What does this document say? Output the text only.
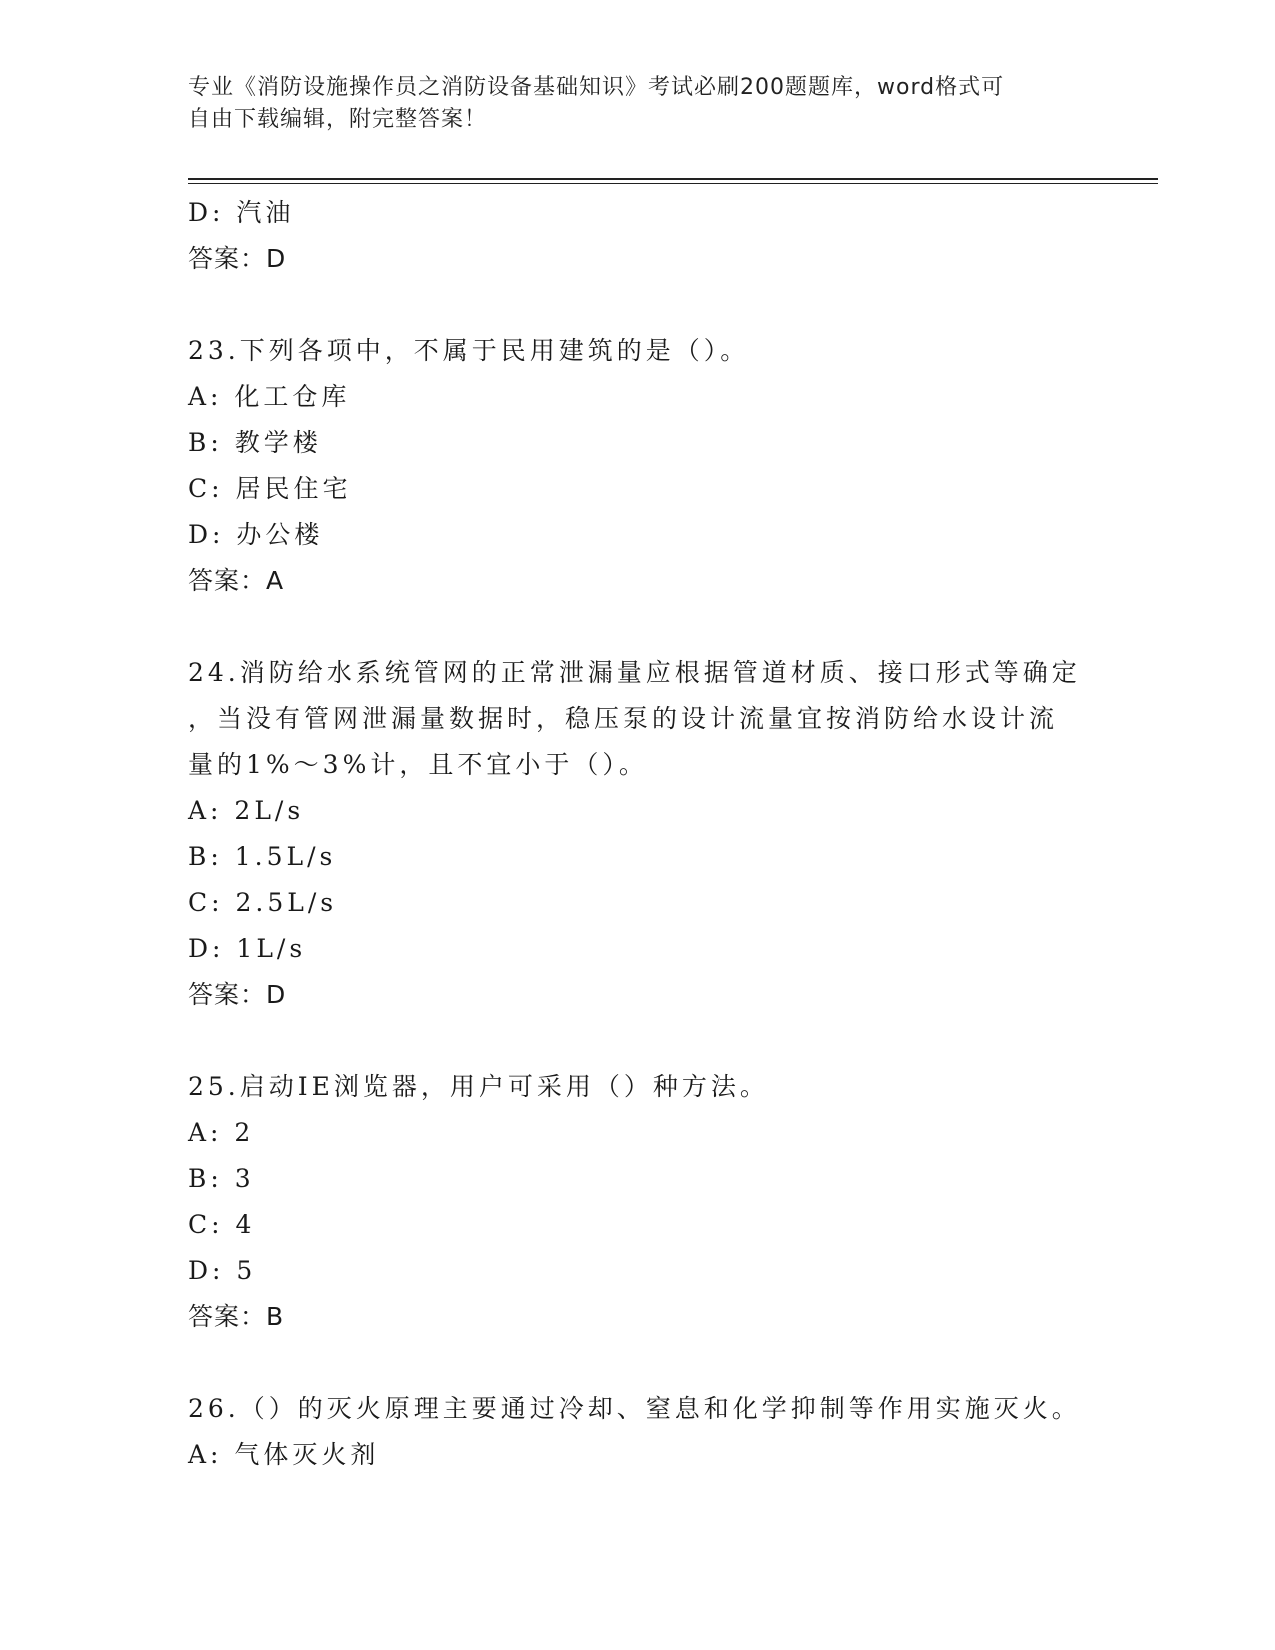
专业《消防设施操作员之消防设备基础知识》考试必刷200题题库，word格式可
自由下载编辑，附完整答案！
D: 汽油
答案：D
23.下列各项中，不属于民用建筑的是（）。
A: 化工仓库
B: 教学楼
C: 居民住宅
D: 办公楼
答案：A
24.消防给水系统管网的正常泄漏量应根据管道材质、接口形式等确定
，当没有管网泄漏量数据时，稳压泵的设计流量宜按消防给水设计流
量的1%～3%计，且不宜小于（）。
A: 2L/s
B: 1.5L/s
C: 2.5L/s
D: 1L/s
答案：D
25.启动IE浏览器，用户可采用（）种方法。
A: 2
B: 3
C: 4
D: 5
答案：B
26.（）的灭火原理主要通过冷却、窒息和化学抑制等作用实施灭火。
A: 气体灭火剂
